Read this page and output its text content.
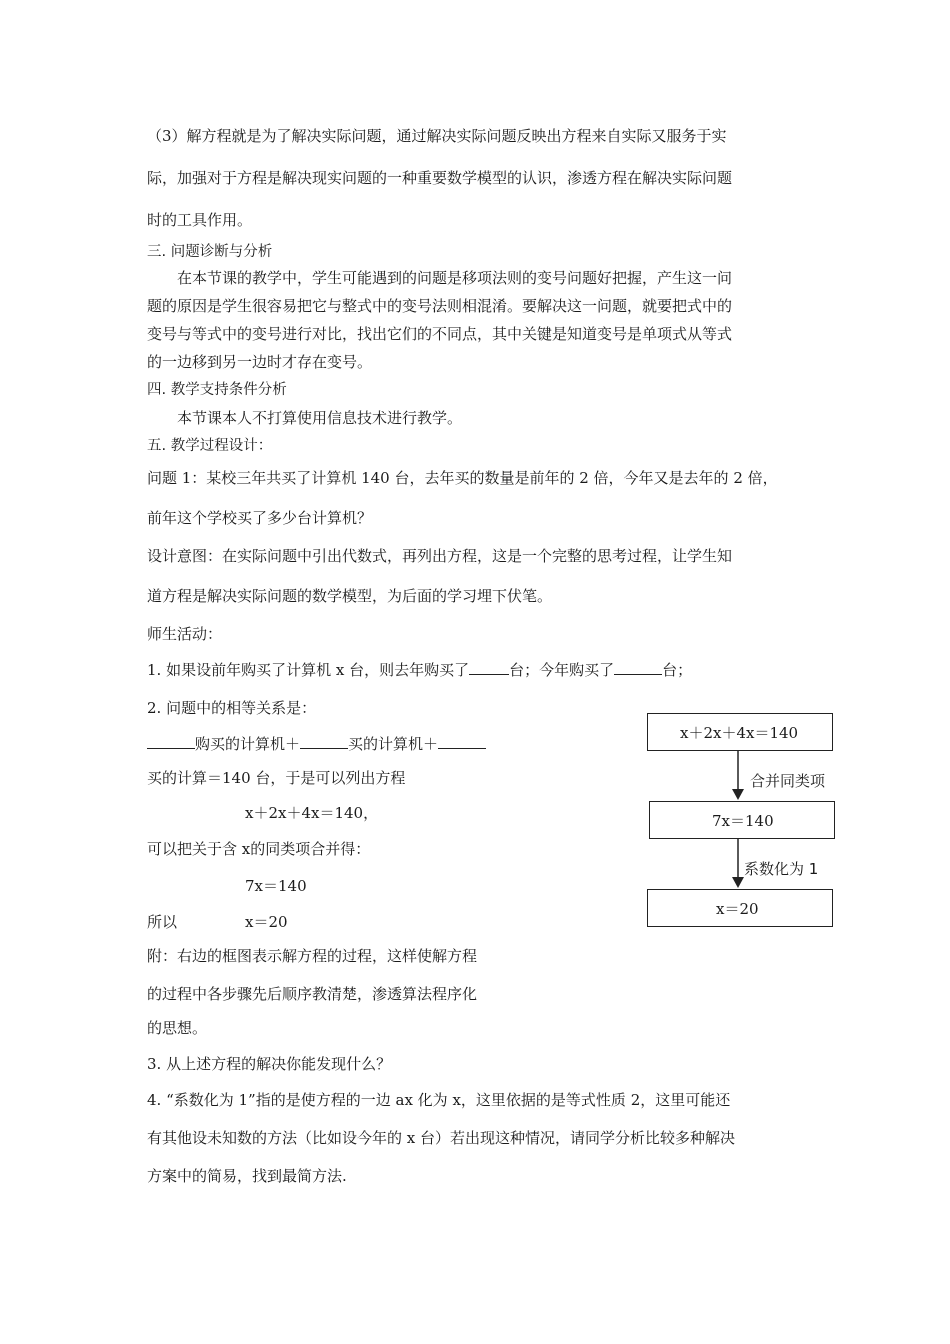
（3）解方程就是为了解决实际问题，通过解决实际问题反映出方程来自实际又服务于实
际，加强对于方程是解决现实问题的一种重要数学模型的认识，渗透方程在解决实际问题
时的工具作用。
三. 问题诊断与分析
在本节课的教学中，学生可能遇到的问题是移项法则的变号问题好把握，产生这一问
题的原因是学生很容易把它与整式中的变号法则相混淆。要解决这一问题，就要把式中的
变号与等式中的变号进行对比，找出它们的不同点，其中关键是知道变号是单项式从等式
的一边移到另一边时才存在变号。
四. 教学支持条件分析
本节课本人不打算使用信息技术进行教学。
五. 教学过程设计：
问题 1：某校三年共买了计算机 140 台，去年买的数量是前年的 2 倍，今年又是去年的 2 倍，
前年这个学校买了多少台计算机？
设计意图：在实际问题中引出代数式，再列出方程，这是一个完整的思考过程，让学生知
道方程是解决实际问题的数学模型，为后面的学习埋下伏笔。
师生活动：
1. 如果设前年购买了计算机 x 台，则去年购买了	台；今年购买了	台；
2. 问题中的相等关系是：
购买的计算机＋	买的计算机＋
买的计算＝140 台，于是可以列出方程
x＋2x＋4x＝140，
可以把关于含 x的同类项合并得：
7x＝140
所以	x＝20
附：右边的框图表示解方程的过程，这样使解方程
的过程中各步骤先后顺序教清楚，渗透算法程序化
的思想。
3. 从上述方程的解决你能发现什么？
4. “系数化为 1”指的是使方程的一边 ax 化为 x，这里依据的是等式性质 2，这里可能还
有其他设未知数的方法（比如设今年的 x 台）若出现这种情况，请同学分析比较多种解决
方案中的简易，找到最简方法.
x＋2x＋4x＝140
合并同类项
7x＝140
系数化为 1
x＝20
